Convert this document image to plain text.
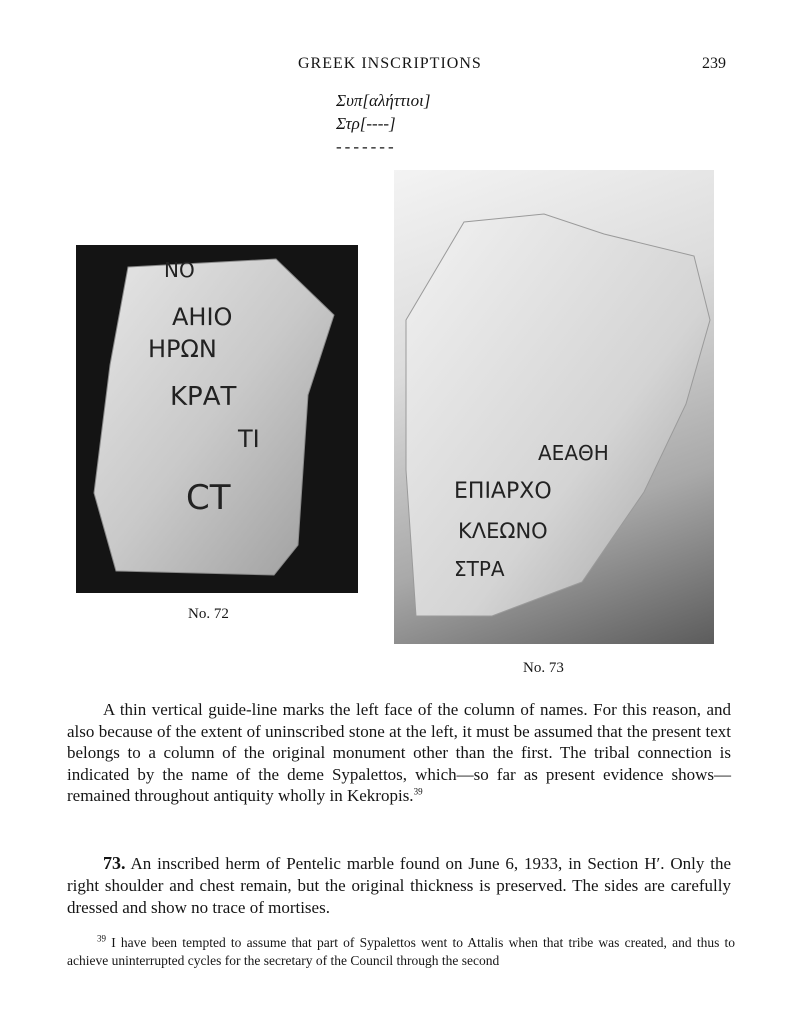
GREEK INSCRIPTIONS	239
Συπ[αλήττιοι]
Στρ[----]
-------
ΝΟ
ΑΗΙΟ
ΗΡΩΝ
ΚΡΑΤ
ΤΙ
CT
No. 72
ΑΕΑΘΗ
ΕΠΙΑΡΧΟ
ΚΛΕΩΝΟ
ΣΤΡΑ
No. 73
A thin vertical guide-line marks the left face of the column of names. For this reason, and also because of the extent of uninscribed stone at the left, it must be assumed that the present text belongs to a column of the original monument other than the first. The tribal connection is indicated by the name of the deme Sypalettos, which—so far as present evidence shows—remained throughout antiquity wholly in Kekropis.$^{39}$
73. An inscribed herm of Pentelic marble found on June 6, 1933, in Section Η′. Only the right shoulder and chest remain, but the original thickness is preserved. The sides are carefully dressed and show no trace of mortises.
$^{39}$ I have been tempted to assume that part of Sypalettos went to Attalis when that tribe was created, and thus to achieve uninterrupted cycles for the secretary of the Council through the second
